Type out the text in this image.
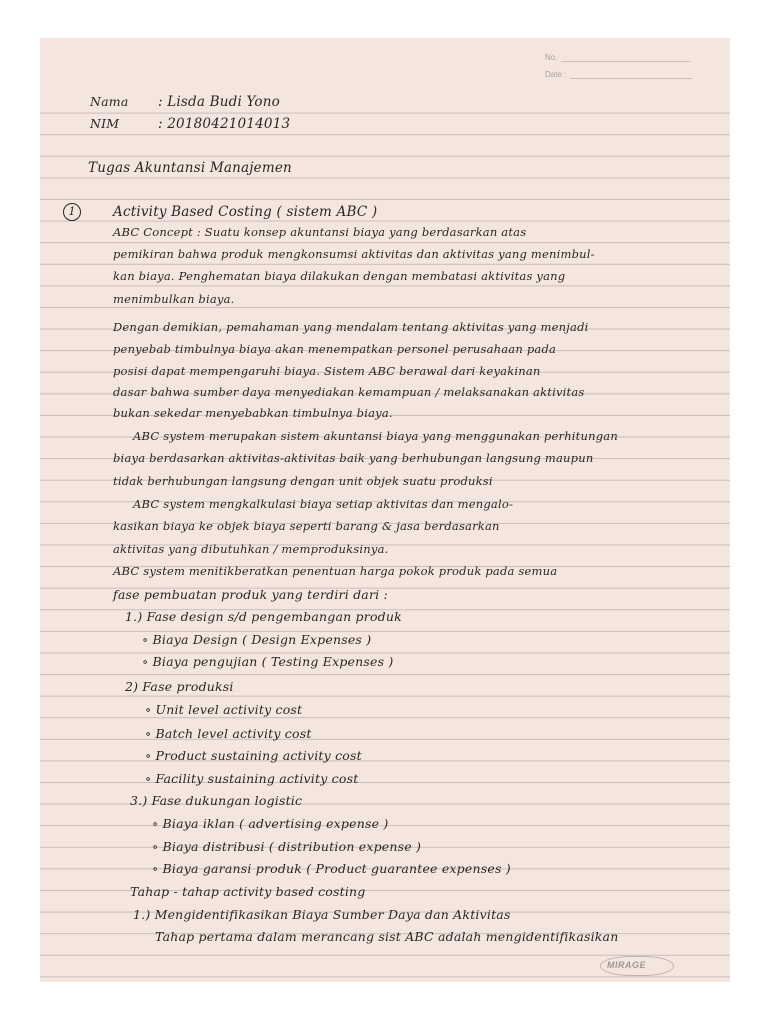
No.
Date :
Nama : Lisda Budi Yono
NIM	: 20180421014013
Tugas Akuntansi Manajemen
1	Activity Based Costing ( sistem ABC )
ABC Concept : Suatu konsep akuntansi biaya yang berdasarkan atas
pemikiran bahwa produk mengkonsumsi aktivitas dan aktivitas yang menimbul-
kan biaya. Penghematan biaya dilakukan dengan membatasi aktivitas yang
menimbulkan biaya.
Dengan demikian, pemahaman yang mendalam tentang aktivitas yang menjadi
penyebab timbulnya biaya akan menempatkan personel perusahaan pada
posisi dapat mempengaruhi biaya. Sistem ABC berawal dari keyakinan
dasar bahwa sumber daya menyediakan kemampuan / melaksanakan aktivitas
bukan sekedar menyebabkan timbulnya biaya.
ABC system merupakan sistem akuntansi biaya yang menggunakan perhitungan
biaya berdasarkan aktivitas-aktivitas baik yang berhubungan langsung maupun
tidak berhubungan langsung dengan unit objek suatu produksi
ABC system mengkalkulasi biaya setiap aktivitas dan mengalo-
kasikan biaya ke objek biaya seperti barang & jasa berdasarkan
aktivitas yang dibutuhkan / memproduksinya.
ABC system menitikberatkan penentuan harga pokok produk pada semua
fase pembuatan produk yang terdiri dari :
1.) Fase design s/d pengembangan produk
∘ Biaya Design ( Design Expenses )
∘ Biaya pengujian ( Testing Expenses )
2) Fase produksi
∘ Unit level activity cost
∘ Batch level activity cost
∘ Product sustaining activity cost
∘ Facility sustaining activity cost
3.) Fase dukungan logistic
∘ Biaya iklan ( advertising expense )
∘ Biaya distribusi ( distribution expense )
∘ Biaya garansi produk ( Product guarantee expenses )
Tahap - tahap activity based costing
1.) Mengidentifikasikan Biaya Sumber Daya dan Aktivitas
Tahap pertama dalam merancang sist ABC adalah mengidentifikasikan
MIRAGE
